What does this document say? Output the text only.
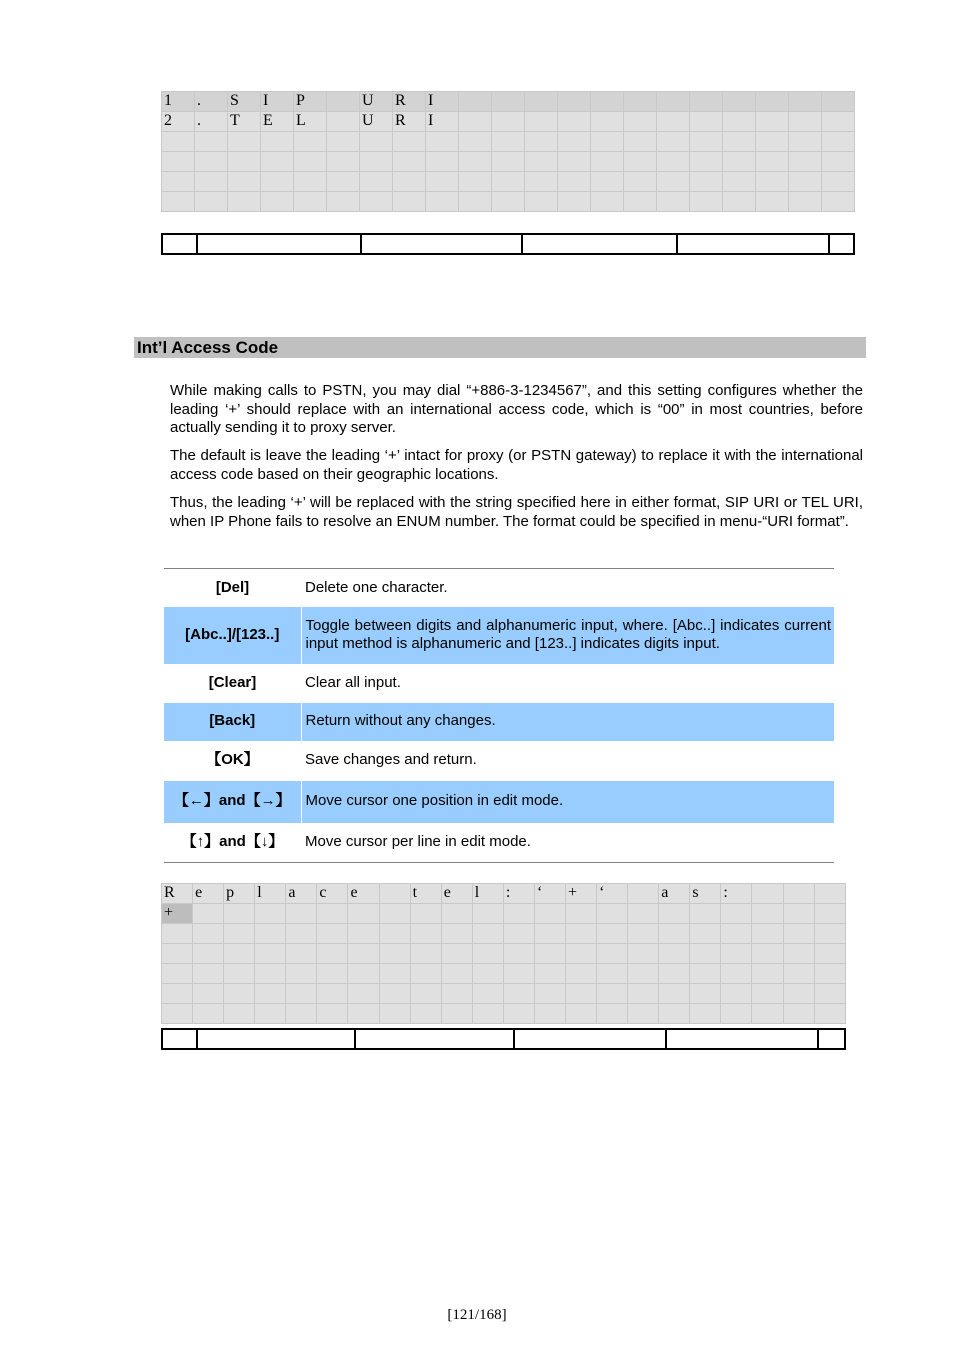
1	.	S	I	P		U	R	I												
2	.	T	E	L		U	R	I												

Int’l Access Code

While making calls to PSTN, you may dial “+886-3-1234567”, and this setting configures whether the leading ‘+’ should replace with an international access code, which is “00” in most countries, before actually sending it to proxy server.

The default is leave the leading ‘+’ intact for proxy (or PSTN gateway) to replace it with the international access code based on their geographic locations.

Thus, the leading ‘+’ will be replaced with the string specified here in either format, SIP URI or TEL URI, when IP Phone fails to resolve an ENUM number. The format could be specified in menu-“URI format”.

[Del]	Delete one character.
[Abc..]/[123..]	Toggle between digits and alphanumeric input, where. [Abc..] indicates current input method is alphanumeric and [123..] indicates digits input.
[Clear]	Clear all input.
[Back]	Return without any changes.
【OK】	Save changes and return.
【←】and【→】	Move cursor one position in edit mode.
【↑】and【↓】	Move cursor per line in edit mode.
R	e	p	l	a	c	e		t	e	l	:	‘	+	‘		a	s	:			
+																					

[121/168]
